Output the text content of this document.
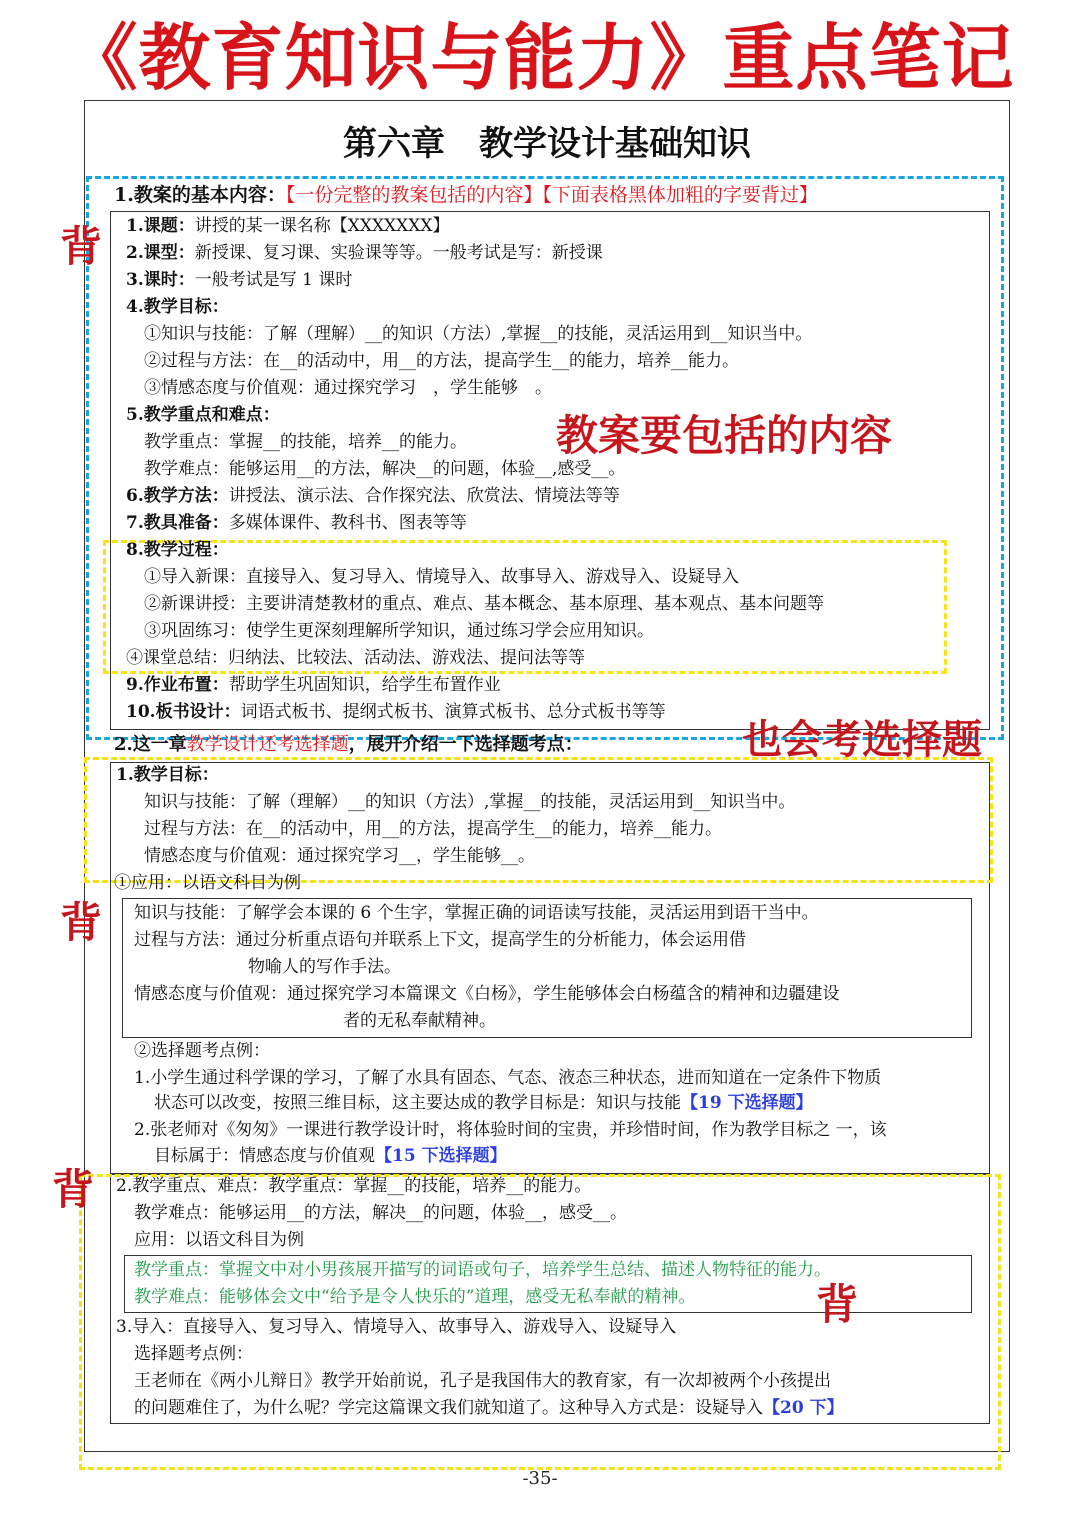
《教育知识与能力》重点笔记
第六章　教学设计基础知识
1.教案的基本内容：【一份完整的教案包括的内容】【下面表格黑体加粗的字要背过】
1.课题：讲授的某一课名称【XXXXXXX】
2.课型：新授课、复习课、实验课等等。一般考试是写：新授课
3.课时：一般考试是写 1 课时
4.教学目标：
①知识与技能：了解（理解）__的知识（方法）,掌握__的技能，灵活运用到__知识当中。
②过程与方法：在__的活动中，用__的方法，提高学生__的能力，培养__能力。
③情感态度与价值观：通过探究学习　，学生能够　。
5.教学重点和难点：
教学重点：掌握__的技能，培养__的能力。
教学难点：能够运用__的方法，解决__的问题，体验__,感受__。
6.教学方法：讲授法、演示法、合作探究法、欣赏法、情境法等等
7.教具准备：多媒体课件、教科书、图表等等
8.教学过程：
①导入新课：直接导入、复习导入、情境导入、故事导入、游戏导入、设疑导入
②新课讲授：主要讲清楚教材的重点、难点、基本概念、基本原理、基本观点、基本问题等
③巩固练习：使学生更深刻理解所学知识，通过练习学会应用知识。
④课堂总结：归纳法、比较法、活动法、游戏法、提问法等等
9.作业布置：帮助学生巩固知识，给学生布置作业
10.板书设计：词语式板书、提纲式板书、演算式板书、总分式板书等等
2.这一章教学设计还考选择题，展开介绍一下选择题考点：
1.教学目标：
知识与技能：了解（理解）__的知识（方法）,掌握__的技能，灵活运用到__知识当中。
过程与方法：在__的活动中，用__的方法，提高学生__的能力，培养__能力。
情感态度与价值观：通过探究学习__，学生能够__。
①应用：以语文科目为例
知识与技能：了解学会本课的 6 个生字，掌握正确的词语读写技能，灵活运用到语干当中。
过程与方法：通过分析重点语句并联系上下文，提高学生的分析能力，体会运用借
物喻人的写作手法。
情感态度与价值观：通过探究学习本篇课文《白杨》，学生能够体会白杨蕴含的精神和边疆建设
者的无私奉献精神。
②选择题考点例：
1.小学生通过科学课的学习，了解了水具有固态、气态、液态三种状态，进而知道在一定条件下物质
状态可以改变，按照三维目标，这主要达成的教学目标是：知识与技能【19 下选择题】
2.张老师对《匆匆》一课进行教学设计时，将体验时间的宝贵，并珍惜时间，作为教学目标之 一，该
目标属于：情感态度与价值观【15 下选择题】
2.教学重点、难点：教学重点：掌握__的技能，培养__的能力。
教学难点：能够运用__的方法，解决__的问题，体验__，感受__。
应用：以语文科目为例
教学重点：掌握文中对小男孩展开描写的词语或句子，培养学生总结、描述人物特征的能力。
教学难点：能够体会文中“给予是令人快乐的”道理，感受无私奉献的精神。
3.导入：直接导入、复习导入、情境导入、故事导入、游戏导入、设疑导入
选择题考点例：
王老师在《两小儿辩日》教学开始前说，孔子是我国伟大的教育家，有一次却被两个小孩提出
的问题难住了，为什么呢？学完这篇课文我们就知道了。这种导入方式是：设疑导入【20 下】
背
背
背
背
教案要包括的内容
也会考选择题
-35-
